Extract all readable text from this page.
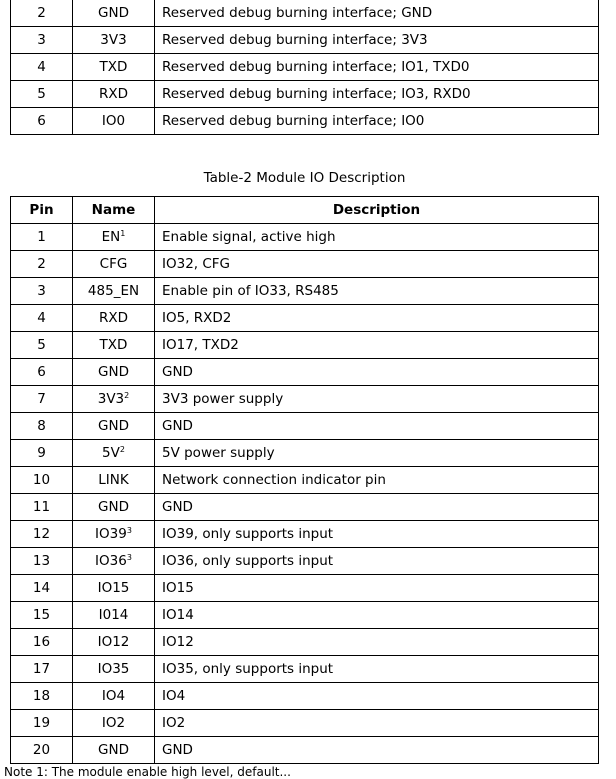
2	GND	Reserved debug burning interface; GND
3	3V3	Reserved debug burning interface; 3V3
4	TXD	Reserved debug burning interface; IO1, TXD0
5	RXD	Reserved debug burning interface; IO3, RXD0
6	IO0	Reserved debug burning interface; IO0
Table-2 Module IO Description
Pin	Name	Description
1	$EN^1$	Enable signal, active high
2	CFG	IO32, CFG
3	485_EN	Enable pin of IO33, RS485
4	RXD	IO5, RXD2
5	TXD	IO17, TXD2
6	GND	GND
7	$3V3^2$	3V3 power supply
8	GND	GND
9	$5V^2$	5V power supply
10	LINK	Network connection indicator pin
11	GND	GND
12	$IO39^3$	IO39, only supports input
13	$IO36^3$	IO36, only supports input
14	IO15	IO15
15	I014	IO14
16	IO12	IO12
17	IO35	IO35, only supports input
18	IO4	IO4
19	IO2	IO2
20	GND	GND
Note 1: The module enable high level, default...
